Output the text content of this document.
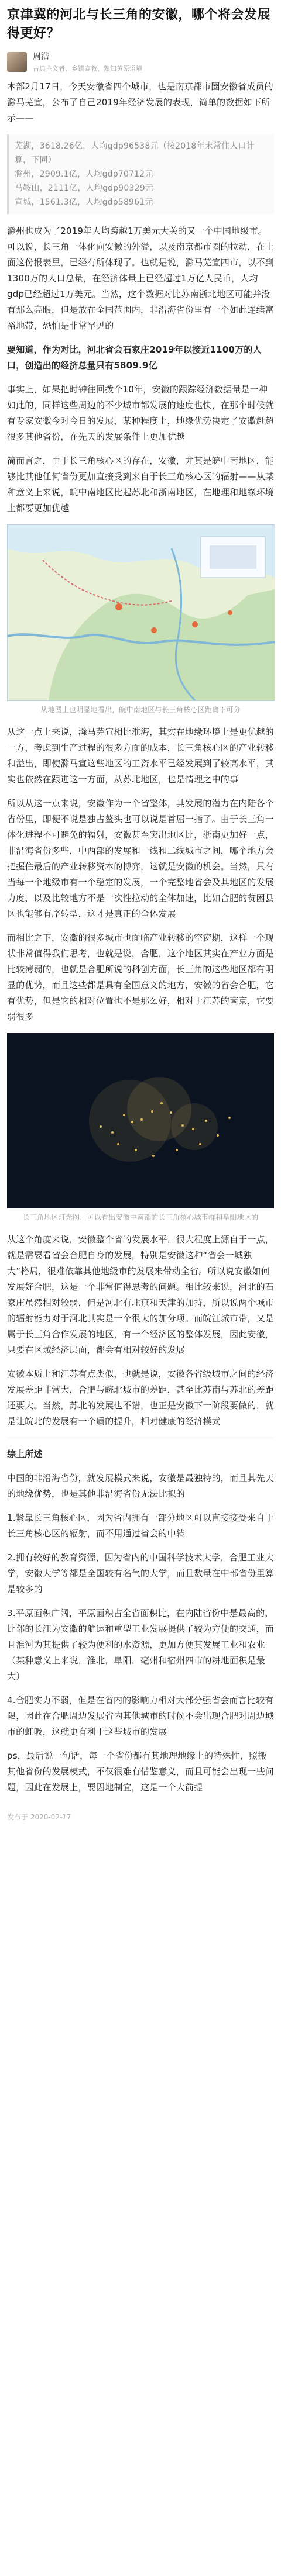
京津冀的河北与长三角的安徽，哪个将会发展得更好？
周浩
古典主义者、乡镇宣教、熟知黄原语境

本部2月17日，今天安徽省四个城市，也是南京都市圈安徽省成员的滁马芜宣，公布了自己2019年经济发展的表现，简单的数据如下所示——

芜湖，3618.26亿，人均gdp96538元（按2018年末常住人口计算，下同）
滁州，2909.1亿，人均gdp70712元
马鞍山，2111亿，人均gdp90329元
宣城，1561.3亿，人均gdp58961元

滁州也成为了2019年人均跨越1万美元大关的又一个中国地级市。可以说，长三角一体化向安徽的外溢，以及南京都市圈的拉动，在上面这份报表里，已经有所体现了。也就是说，滁马芜宣四市，以不到1300万的人口总量，在经济体量上已经超过1万亿人民币，人均gdp已经超过1万美元。当然，这个数据对比苏南浙北地区可能并没有那么亮眼，但是放在全国范围内，非沿海省份里有一个如此连续富裕地带，恐怕是非常罕见的

要知道，作为对比，河北省会石家庄2019年以接近1100万的人口，创造出的经济总量只有5809.9亿

事实上，如果把时钟往回拨个10年，安徽的跟踪经济数据量是一种如此的，同样这些周边的不少城市都发展的速度也快，在那个时候就有专家安徽今对今日的发展，某种程度上，地缘优势决定了安徽赶超很多其他省份，在先天的发展条件上更加优越

简而言之，由于长三角核心区的存在，安徽，尤其是皖中南地区，能够比其他任何省份更加直接受到来自于长三角核心区的辐射——从某种意义上来说，皖中南地区比起苏北和浙南地区，在地理和地缘环境上都要更加优越

从地图上也明显地看出，皖中南地区与长三角核心区距离不可分

从这一点上来说，滁马芜宣相比淮海，其实在地缘环境上是更优越的一方，考虑到生产过程的很多方面的成本，长三角核心区的产业转移和溢出，即使滁马宣这些地区的工资水平已经发展到了较高水平，其实也依然在跟进这一方面，从苏北地区，也是情理之中的事

所以从这一点来说，安徽作为一个省整体，其发展的潜力在内陆各个省份里，即便不说是独占鳌头也可以说是首屈一指了。由于长三角一体化进程不可避免的辐射，安徽甚至突出地区比，浙南更加好一点，非沿海省份多些，中西部的发展和一线和二线城市之间，哪个地方会把握住最后的产业转移资本的博弈，这就是安徽的机会。当然，只有当每一个地级市有一个稳定的发展，一个完整地省会及其地区的发展力度，以及比较地方不是一次性拉动的全体加速，比如合肥的贫困县区也能够有序转型，这才是真正的全体发展

而相比之下，安徽的很多城市也面临产业转移的空窗期，这样一个现状非常值得我们思考，也就是说，合肥，这个地区其实在产业方面是比较薄弱的，也就是合肥所说的科创方面，长三角的这些地区都有明显的优势，而且这些都是具有全国意义的地方，安徽的省会合肥，它有优势，但是它的相对位置也不是那么好，相对于江苏的南京，它要弱很多

长三角地区灯光图，可以看出安徽中南部的长三角核心城市群和阜阳地区的

从这个角度来说，安徽整个省的发展水平，很大程度上源自于一点，就是需要看省会合肥自身的发展，特别是安徽这种“省会一城独大”格局，很难依靠其他地级市的发展来带动全省。所以说安徽如何发展好合肥，这是一个非常值得思考的问题。相比较来说，河北的石家庄虽然相对较弱，但是河北有北京和天津的加持，所以说两个城市的辐射能力对于河北其实是一个很大的加分项。而皖江城市带，又是属于长三角合作发展的地区，有一个经济区的整体发展，因此安徽，只要在区域经济层面，都会有相对较好的发展

安徽本质上和江苏有点类似，也就是说，安徽各省级城市之间的经济发展差距非常大，合肥与皖北城市的差距，甚至比苏南与苏北的差距还要大。当然，苏北的发展也不错，也正是安徽下一阶段要做的，就是让皖北的发展有一个质的提升，相对健康的经济模式

综上所述

中国的非沿海省份，就发展模式来说，安徽是最独特的，而且其先天的地缘优势，也是其他非沿海省份无法比拟的

1.紧靠长三角核心区，因为省内拥有一部分地区可以直接接受来自于长三角核心区的辐射，而不用通过省会的中转

2.拥有较好的教育资源，因为省内的中国科学技术大学，合肥工业大学，安徽大学等都是全国较有名气的大学，而且数量在中部省份里算是较多的

3.平原面积广阔，平原面积占全省面积比，在内陆省份中是最高的，比邻的长江为安徽的航运和重型工业发展提供了较为方便的交通，而且淮河为其提供了较为便利的水资源，更加方便其发展工业和农业（某种意义上来说，淮北，阜阳，亳州和宿州四市的耕地面积是最大）

4.合肥实力不弱，但是在省内的影响力相对大部分强省会而言比较有限，因此在合肥周边发展省内其他城市的时候不会出现合肥对周边城市的虹吸，这就更有利于这些城市的发展

ps，最后说一句话，每一个省份都有其地理地缘上的特殊性，照搬其他省份的发展模式，不仅很难有借鉴意义，而且可能会出现一些问题，因此在发展上，要因地制宜，这是一个大前提

发布于 2020-02-17
